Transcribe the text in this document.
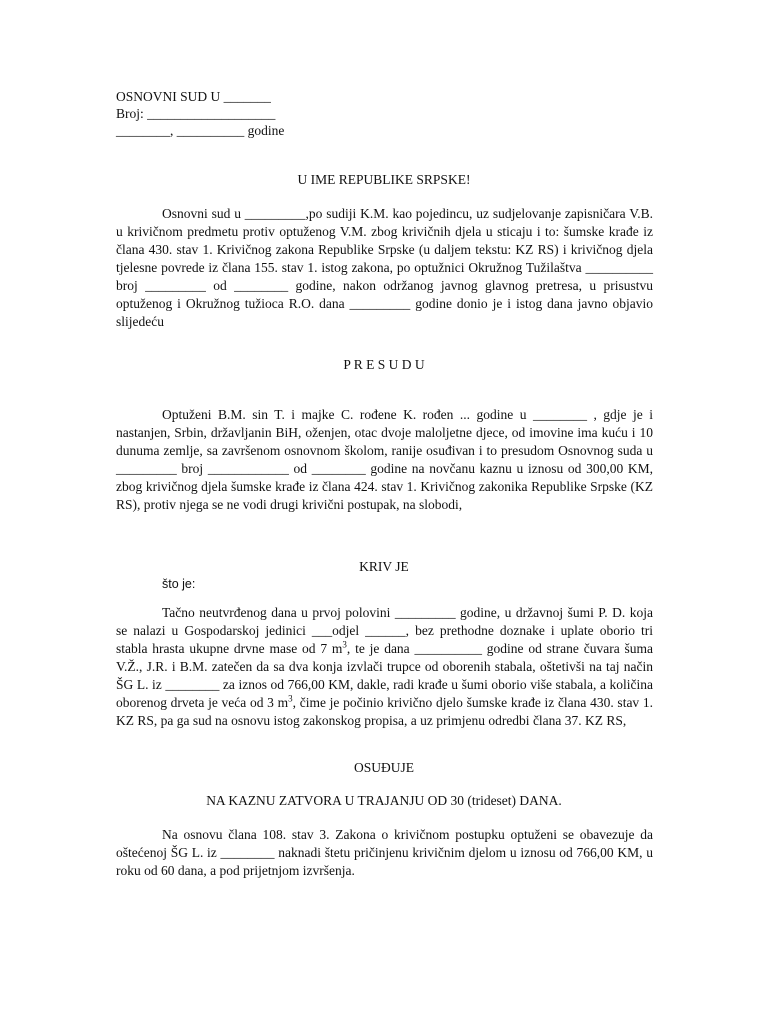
OSNOVNI SUD U _______
Broj: ___________________
________, __________ godine
U IME REPUBLIKE SRPSKE!
Osnovni sud u _________,po sudiji K.M. kao pojedincu, uz sudjelovanje zapisničara V.B. u krivičnom predmetu protiv optuženog V.M. zbog krivičnih djela u sticaju i to: šumske krađe iz člana 430. stav 1. Krivičnog zakona Republike Srpske (u daljem tekstu: KZ RS) i krivičnog djela tjelesne povrede iz člana 155. stav 1. istog zakona, po optužnici Okružnog Tužilaštva __________ broj _________ od ________ godine, nakon održanog javnog glavnog pretresa, u prisustvu optuženog i Okružnog tužioca R.O. dana _________ godine donio je i istog dana javno objavio slijedeću
P R E S U D U
Optuženi B.M. sin T. i majke C. rođene K. rođen ... godine u ________ , gdje je i nastanjen, Srbin, državljanin BiH, oženjen, otac dvoje maloljetne djece, od imovine ima kuću i 10 dunuma zemlje, sa završenom osnovnom školom, ranije osuđivan i to presudom Osnovnog suda u _________ broj ____________ od ________ godine na novčanu kaznu u iznosu od 300,00 KM, zbog krivičnog djela šumske krađe iz člana 424. stav 1. Krivičnog zakonika Republike Srpske (KZ RS), protiv njega se ne vodi drugi krivični postupak, na slobodi,
KRIV JE
što je:
Tačno neutvrđenog dana u prvoj polovini _________ godine, u državnoj šumi P. D. koja se nalazi u Gospodarskoj jedinici ___odjel ______, bez prethodne doznake i uplate oborio tri stabla hrasta ukupne drvne mase od 7 $m^3$, te je dana __________ godine od strane čuvara šuma V.Ž., J.R. i B.M. zatečen da sa dva konja izvlači trupce od oborenih stabala, oštetivši na taj način ŠG L. iz ________ za iznos od 766,00 KM, dakle, radi krađe u šumi oborio više stabala, a količina oborenog drveta je veća od 3 $m^3$, čime je počinio krivično djelo šumske krađe iz člana 430. stav 1. KZ RS, pa ga sud na osnovu istog zakonskog propisa, a uz primjenu odredbi člana 37. KZ RS,
OSUĐUJE
NA KAZNU ZATVORA U TRAJANJU OD 30 (trideset) DANA.
Na osnovu člana 108. stav 3. Zakona o krivičnom postupku optuženi se obavezuje da oštećenoj ŠG L. iz ________ naknadi štetu pričinjenu krivičnim djelom u iznosu od 766,00 KM, u roku od 60 dana, a pod prijetnjom izvršenja.
